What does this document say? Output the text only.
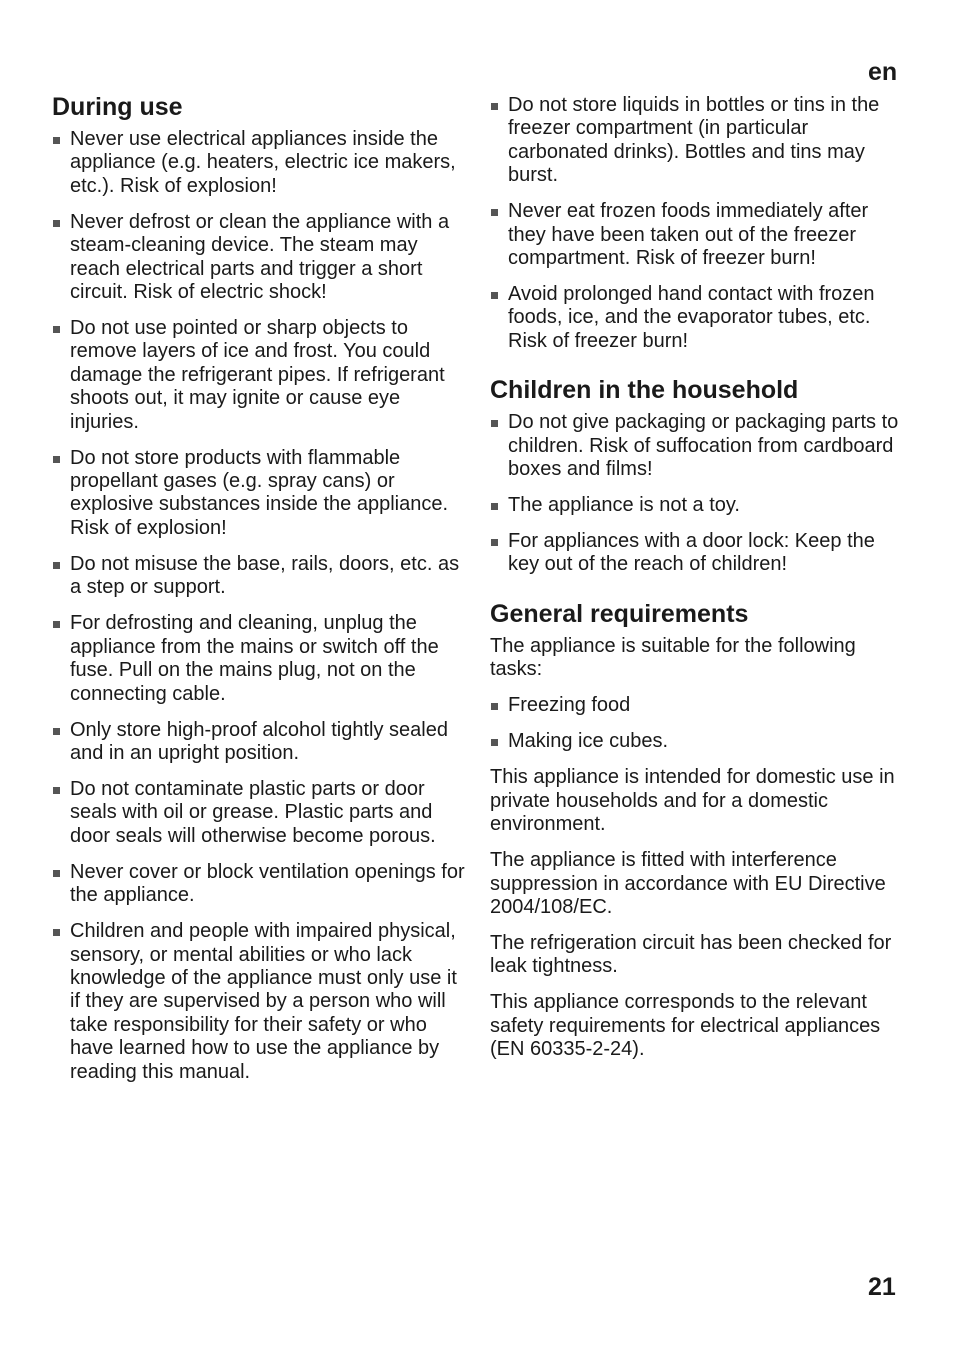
en
During use
Never use electrical appliances inside the appliance (e.g. heaters, electric ice makers, etc.). Risk of explosion!
Never defrost or clean the appliance with a steam-cleaning device. The steam may reach electrical parts and trigger a short circuit. Risk of electric shock!
Do not use pointed or sharp objects to remove layers of ice and frost. You could damage the refrigerant pipes. If refrigerant shoots out, it may ignite or cause eye injuries.
Do not store products with flammable propellant gases (e.g. spray cans) or explosive substances inside the appliance. Risk of explosion!
Do not misuse the base, rails, doors, etc. as a step or support.
For defrosting and cleaning, unplug the appliance from the mains or switch off the fuse. Pull on the mains plug, not on the connecting cable.
Only store high-proof alcohol tightly sealed and in an upright position.
Do not contaminate plastic parts or door seals with oil or grease. Plastic parts and door seals will otherwise become porous.
Never cover or block ventilation openings for the appliance.
Children and people with impaired physical, sensory, or mental abilities or who lack knowledge of the appliance must only use it if they are supervised by a person who will take responsibility for their safety or who have learned how to use the appliance by reading this manual.
Do not store liquids in bottles or tins in the freezer compartment (in particular carbonated drinks). Bottles and tins may burst.
Never eat frozen foods immediately after they have been taken out of the freezer compartment. Risk of freezer burn!
Avoid prolonged hand contact with frozen foods, ice, and the evaporator tubes, etc. Risk of freezer burn!
Children in the household
Do not give packaging or packaging parts to children. Risk of suffocation from cardboard boxes and films!
The appliance is not a toy.
For appliances with a door lock: Keep the key out of the reach of children!
General requirements

The appliance is suitable for the following tasks:

Freezing food
Making ice cubes.

This appliance is intended for domestic use in private households and for a domestic environment.

The appliance is fitted with interference suppression in accordance with EU Directive 2004/108/EC.

The refrigeration circuit has been checked for leak tightness.

This appliance corresponds to the relevant safety requirements for electrical appliances (EN 60335-2-24).

21
